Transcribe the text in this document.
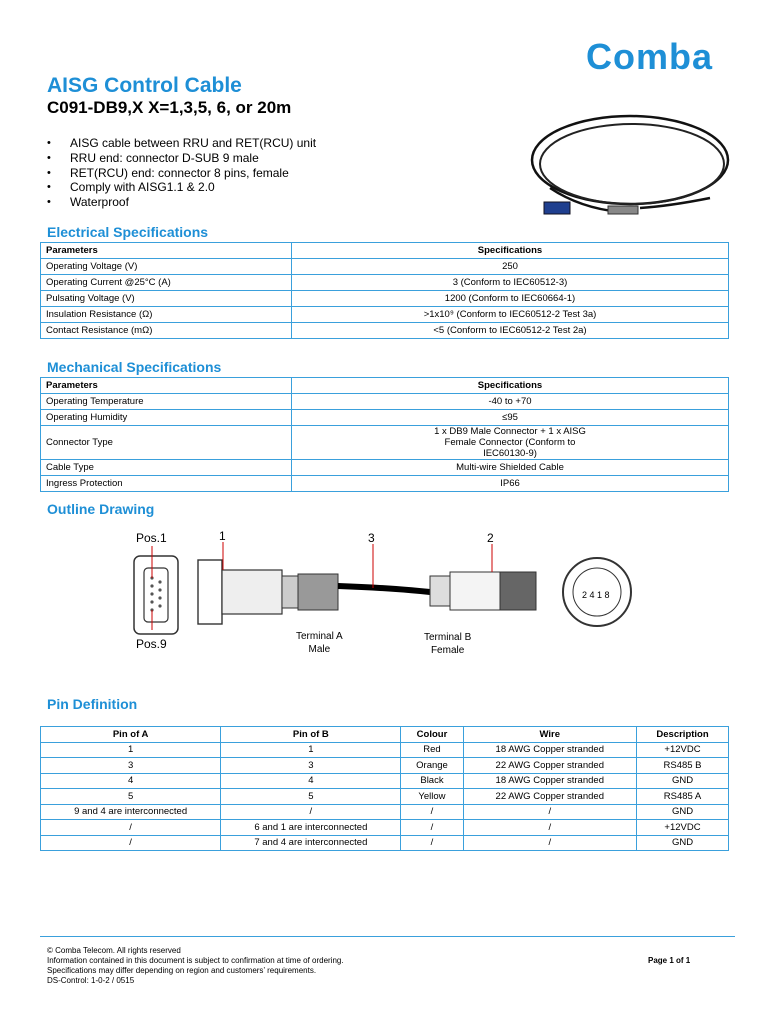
Comba
AISG Control Cable
C091-DB9,X X=1,3,5, 6, or 20m
• AISG cable between RRU and RET(RCU) unit
• RRU end: connector D-SUB 9 male
• RET(RCU) end: connector 8 pins, female
• Comply with AISG1.1 & 2.0
• Waterproof
Electrical Specifications
Parameters	Specifications
Operating Voltage (V)	250
Operating Current @25°C (A)	3 (Conform to IEC60512-3)
Pulsating Voltage (V)	1200 (Conform to IEC60664-1)
Insulation Resistance (Ω)	>1x10⁹ (Conform to IEC60512-2 Test 3a)
Contact Resistance (mΩ)	<5 (Conform to IEC60512-2 Test 2a)
Mechanical Specifications
Parameters	Specifications
Operating Temperature	-40 to +70
Operating Humidity	≤95
Connector Type	1 x DB9 Male Connector + 1 x AISG Female Connector (Conform to IEC60130-9)
Cable Type	Multi-wire Shielded Cable
Ingress Protection	IP66
Outline Drawing
Pos.1
Pos.9
1	3	2
2 4 1 8
Terminal A
Male
Terminal B
Female
Pin Definition
Pin of A	Pin of B	Colour	Wire	Description
1	1	Red	18 AWG Copper stranded	+12VDC
3	3	Orange	22 AWG Copper stranded	RS485 B
4	4	Black	18 AWG Copper stranded	GND
5	5	Yellow	22 AWG Copper stranded	RS485 A
9 and 4 are interconnected	/	/	/	GND
/	6 and 1 are interconnected	/	/	+12VDC
/	7 and 4 are interconnected	/	/	GND
© Comba Telecom. All rights reserved
Information contained in this document is subject to confirmation at time of ordering.
Specifications may differ depending on region and customers’ requirements.
DS-Control: 1-0-2 / 0515
Page 1 of 1
